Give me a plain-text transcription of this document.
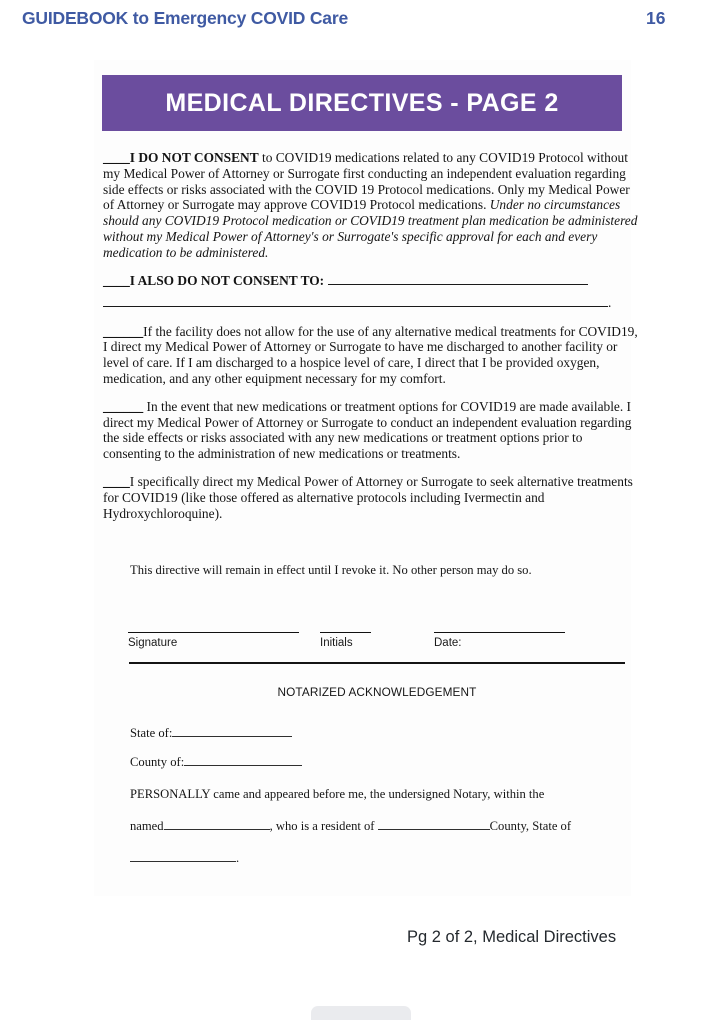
GUIDEBOOK to Emergency COVID Care	16
MEDICAL DIRECTIVES - PAGE 2

____I DO NOT CONSENT to COVID19 medications related to any COVID19 Protocol without my Medical Power of Attorney or Surrogate first conducting an independent evaluation regarding side effects or risks associated with the COVID 19 Protocol medications. Only my Medical Power of Attorney or Surrogate may approve COVID19 Protocol medications. Under no circumstances should any COVID19 Protocol medication or COVID19 treatment plan medication be administered without my Medical Power of Attorney's or Surrogate's specific approval for each and every medication to be administered.

____I ALSO DO NOT CONSENT TO:

.

______If the facility does not allow for the use of any alternative medical treatments for COVID19, I direct my Medical Power of Attorney or Surrogate to have me discharged to another facility or level of care. If I am discharged to a hospice level of care, I direct that I be provided oxygen, medication, and any other equipment necessary for my comfort.

______ In the event that new medications or treatment options for COVID19 are made available. I direct my Medical Power of Attorney or Surrogate to conduct an independent evaluation regarding the side effects or risks associated with any new medications or treatment options prior to consenting to the administration of new medications or treatments.

____I specifically direct my Medical Power of Attorney or Surrogate to seek alternative treatments for COVID19 (like those offered as alternative protocols including Ivermectin and Hydroxychloroquine).

This directive will remain in effect until I revoke it. No other person may do so.
Signature	Initials	Date:
NOTARIZED ACKNOWLEDGEMENT

State of:

County of:

PERSONALLY came and appeared before me, the undersigned Notary, within the

named	, who is a resident of	County, State of

.

Pg 2 of 2, Medical Directives
